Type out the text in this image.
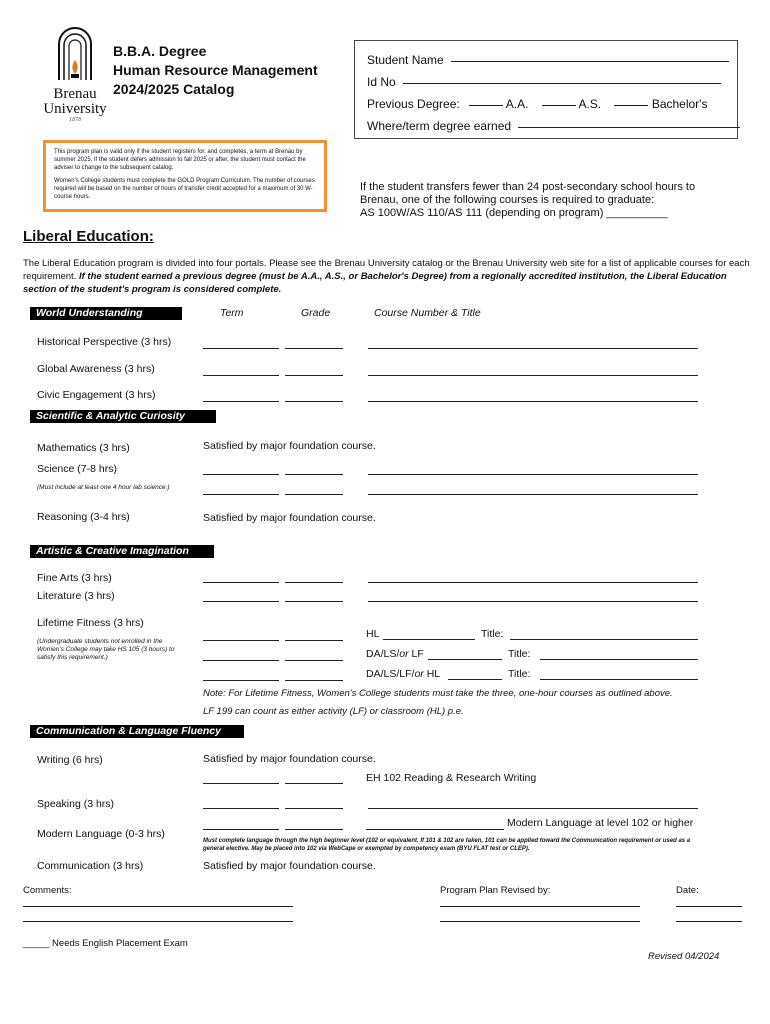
Brenau
University
1878
B.B.A. Degree
Human Resource Management
2024/2025 Catalog
Student Name
Id No
Previous Degree:	A.A.	A.S.	Bachelor's
Where/term degree earned

This program plan is valid only if the student registers for, and completes, a term at Brenau by summer 2025. If the student defers admission to fall 2025 or after, the student must contact the adviser to change to the subsequent catalog.

Women's College students must complete the GOLD Program Curriculum. The number of courses required will be based on the number of hours of transfer credit accepted for a maximum of 30 W-course hours.

If the student transfers fewer than 24 post-secondary school hours to
Brenau, one of the following courses is required to graduate:
AS 100W/AS 110/AS 111 (depending on program) __________
Liberal Education:
The Liberal Education program is divided into four portals. Please see the Brenau University catalog or the Brenau University web site for a list of applicable courses for each requirement. If the student earned a previous degree (must be A.A., A.S., or Bachelor's Degree) from a regionally accredited institution, the Liberal Education section of the student's program is considered complete.
World Understanding	Term	Grade	Course Number & Title
Historical Perspective (3 hrs)
Global Awareness (3 hrs)
Civic Engagement (3 hrs)
Scientific & Analytic Curiosity
Mathematics (3 hrs)	Satisfied by major foundation course.
Science (7-8 hrs)
(Must include at least one 4 hour lab science.)
Reasoning (3-4 hrs)	Satisfied by major foundation course.
Artistic & Creative Imagination
Fine Arts (3 hrs)
Literature (3 hrs)
Lifetime Fitness (3 hrs)
(Undergraduate students not enrolled in the Women's College may take HS 105 (3 hours) to satisfy this requirement.)
HL	Title:
DA/LS/or LF	Title:
DA/LS/LF/or HL	Title:
Note: For Lifetime Fitness, Women's College students must take the three, one-hour courses as outlined above.
LF 199 can count as either activity (LF) or classroom (HL) p.e.
Communication & Language Fluency
Writing (6 hrs)	Satisfied by major foundation course.
EH 102 Reading & Research Writing
Speaking (3 hrs)
Modern Language (0-3 hrs)
Modern Language at level 102 or higher
Must complete language through the high beginner level (102 or equivalent. If 101 & 102 are taken, 101 can be applied toward the Communication requirement or used as a general elective. May be placed into 102 via WebCape or exempted by competency exam (BYU FLAT test or CLEP).
Communication (3 hrs)	Satisfied by major foundation course.
Comments:	Program Plan Revised by:	Date:
_____ Needs English Placement Exam
Revised 04/2024
